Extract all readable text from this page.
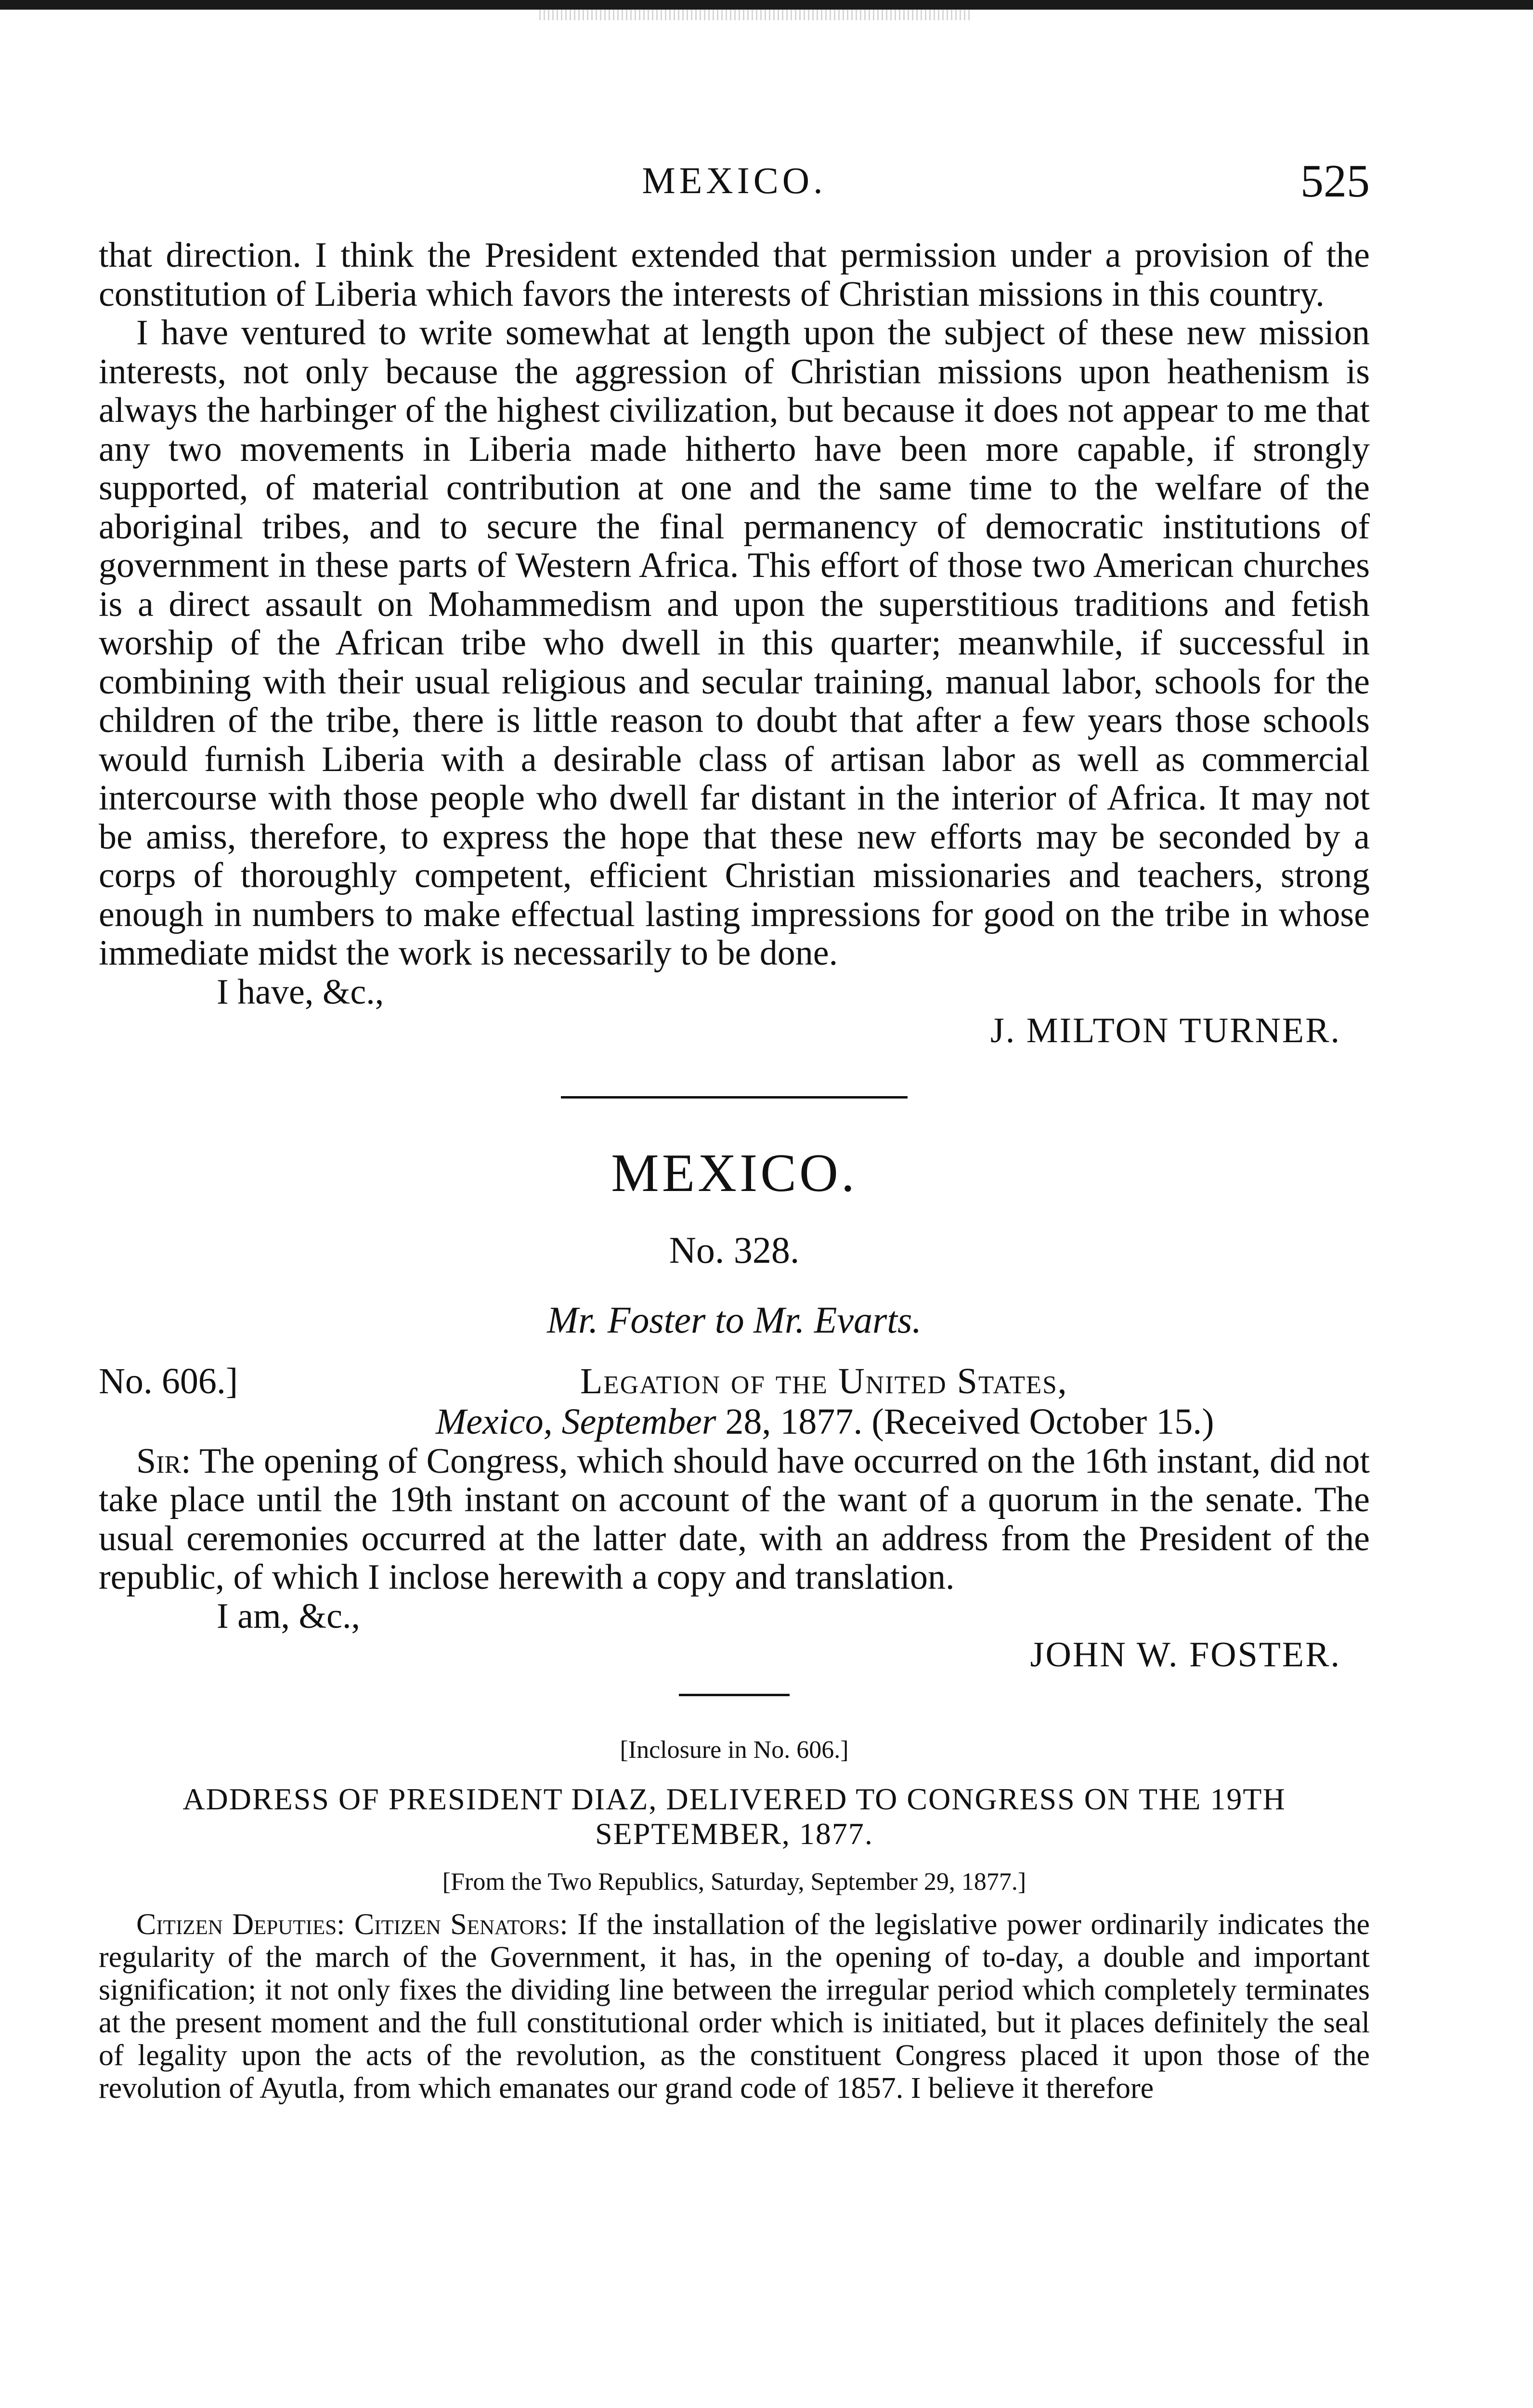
MEXICO.	525

that direction. I think the President extended that permission under a provision of the constitution of Liberia which favors the interests of Christian missions in this country.

I have ventured to write somewhat at length upon the subject of these new mission interests, not only because the aggression of Christian missions upon heathenism is always the harbinger of the highest civilization, but because it does not appear to me that any two movements in Liberia made hitherto have been more capable, if strongly supported, of material contribution at one and the same time to the welfare of the aboriginal tribes, and to secure the final permanency of democratic institutions of government in these parts of Western Africa. This effort of those two American churches is a direct assault on Mohammedism and upon the superstitious traditions and fetish worship of the African tribe who dwell in this quarter; meanwhile, if successful in combining with their usual religious and secular training, manual labor, schools for the children of the tribe, there is little reason to doubt that after a few years those schools would furnish Liberia with a desirable class of artisan labor as well as commercial intercourse with those people who dwell far distant in the interior of Africa. It may not be amiss, therefore, to express the hope that these new efforts may be seconded by a corps of thoroughly competent, efficient Christian missionaries and teachers, strong enough in numbers to make effectual lasting impressions for good on the tribe in whose immediate midst the work is necessarily to be done.

I have, &c.,

J. MILTON TURNER.

MEXICO.

No. 328.

Mr. Foster to Mr. Evarts.

No. 606.]	Legation of the United States,
Mexico, September 28, 1877. (Received October 15.)

Sir: The opening of Congress, which should have occurred on the 16th instant, did not take place until the 19th instant on account of the want of a quorum in the senate. The usual ceremonies occurred at the latter date, with an address from the President of the republic, of which I inclose herewith a copy and translation.

I am, &c.,

JOHN W. FOSTER.

[Inclosure in No. 606.]

ADDRESS OF PRESIDENT DIAZ, DELIVERED TO CONGRESS ON THE 19TH SEPTEMBER, 1877.

[From the Two Republics, Saturday, September 29, 1877.]

Citizen Deputies: Citizen Senators: If the installation of the legislative power ordinarily indicates the regularity of the march of the Government, it has, in the opening of to-day, a double and important signification; it not only fixes the dividing line between the irregular period which completely terminates at the present moment and the full constitutional order which is initiated, but it places definitely the seal of legality upon the acts of the revolution, as the constituent Congress placed it upon those of the revolution of Ayutla, from which emanates our grand code of 1857. I believe it therefore
